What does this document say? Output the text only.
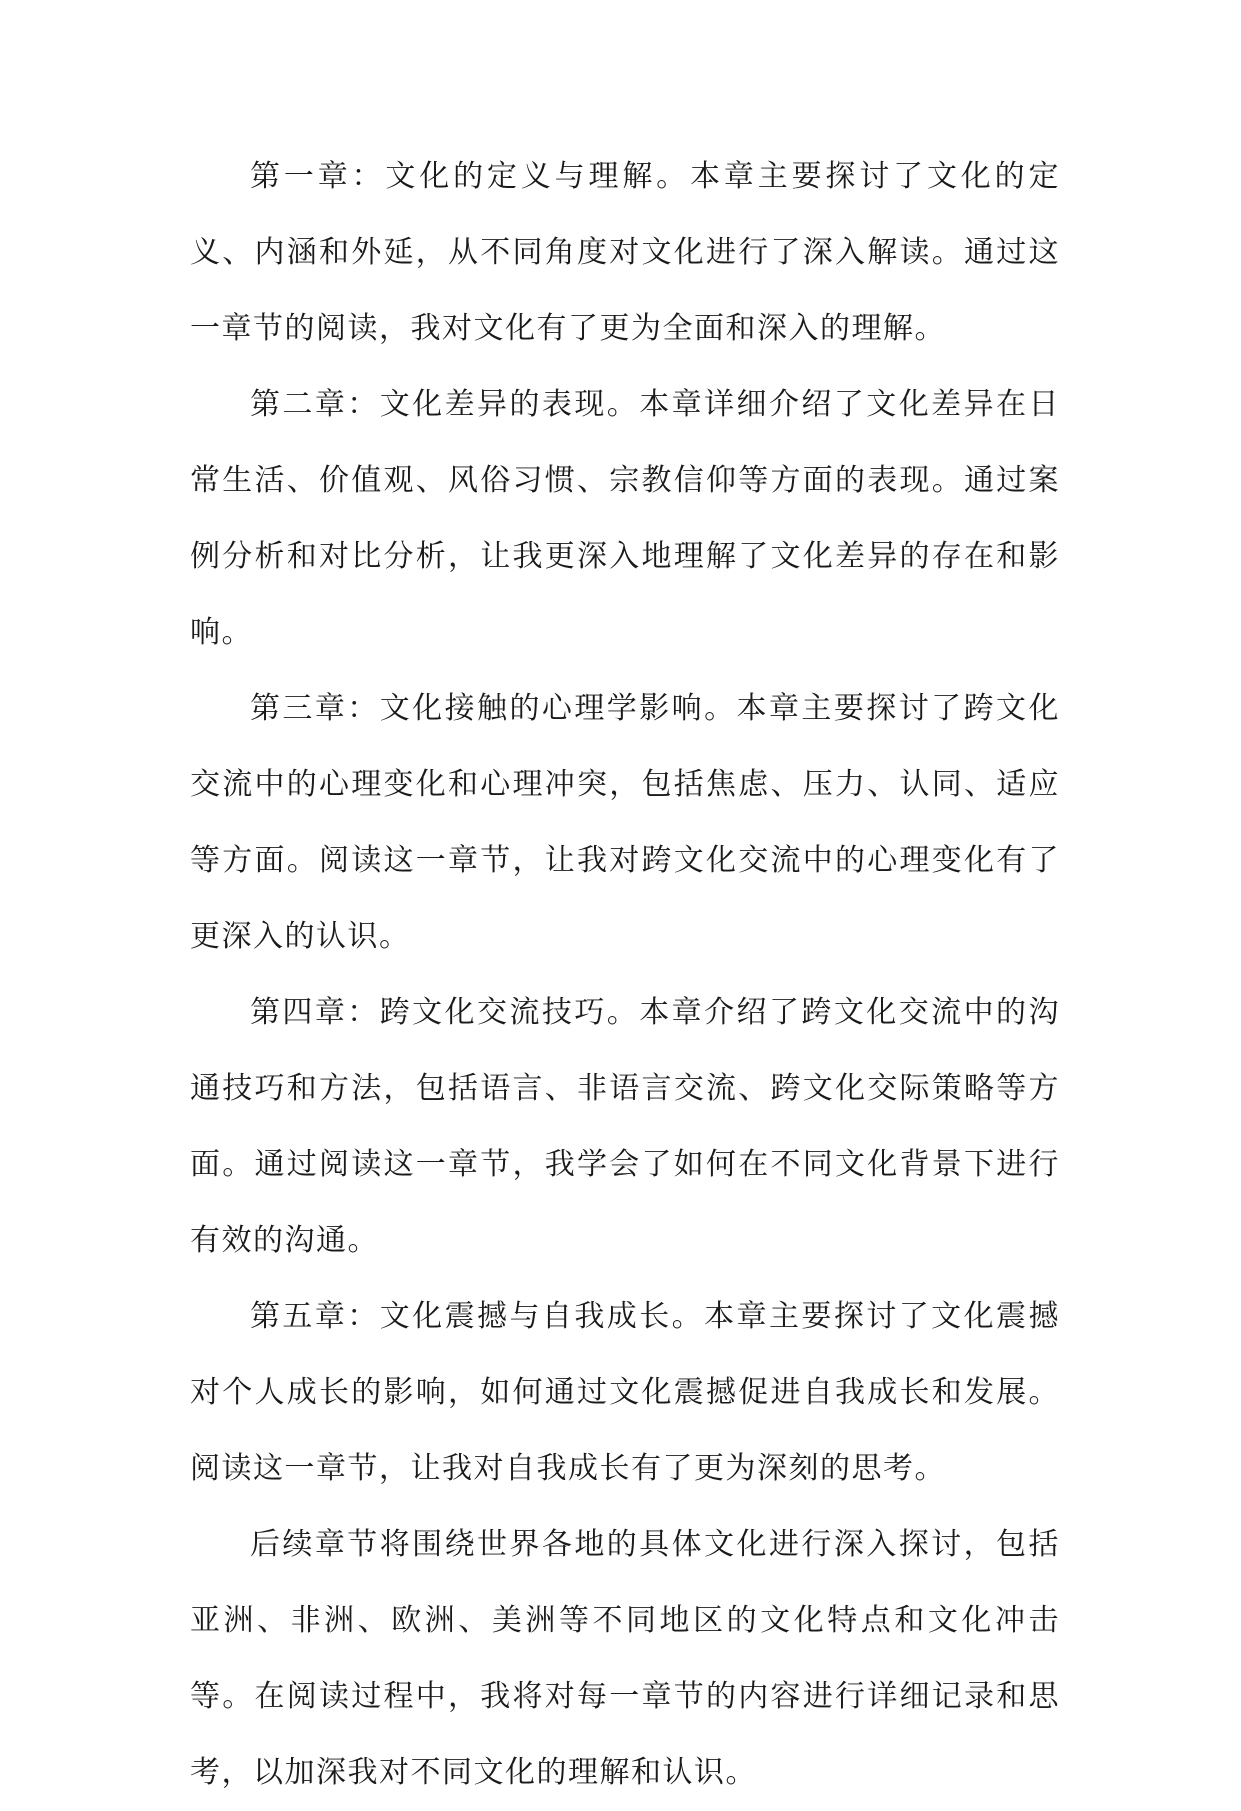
第一章：文化的定义与理解。本章主要探讨了文化的定义、内涵和外延，从不同角度对文化进行了深入解读。通过这一章节的阅读，我对文化有了更为全面和深入的理解。

第二章：文化差异的表现。本章详细介绍了文化差异在日常生活、价值观、风俗习惯、宗教信仰等方面的表现。通过案例分析和对比分析，让我更深入地理解了文化差异的存在和影响。

第三章：文化接触的心理学影响。本章主要探讨了跨文化交流中的心理变化和心理冲突，包括焦虑、压力、认同、适应等方面。阅读这一章节，让我对跨文化交流中的心理变化有了更深入的认识。

第四章：跨文化交流技巧。本章介绍了跨文化交流中的沟通技巧和方法，包括语言、非语言交流、跨文化交际策略等方面。通过阅读这一章节，我学会了如何在不同文化背景下进行有效的沟通。

第五章：文化震撼与自我成长。本章主要探讨了文化震撼对个人成长的影响，如何通过文化震撼促进自我成长和发展。阅读这一章节，让我对自我成长有了更为深刻的思考。

后续章节将围绕世界各地的具体文化进行深入探讨，包括亚洲、非洲、欧洲、美洲等不同地区的文化特点和文化冲击等。在阅读过程中，我将对每一章节的内容进行详细记录和思考，以加深我对不同文化的理解和认识。
